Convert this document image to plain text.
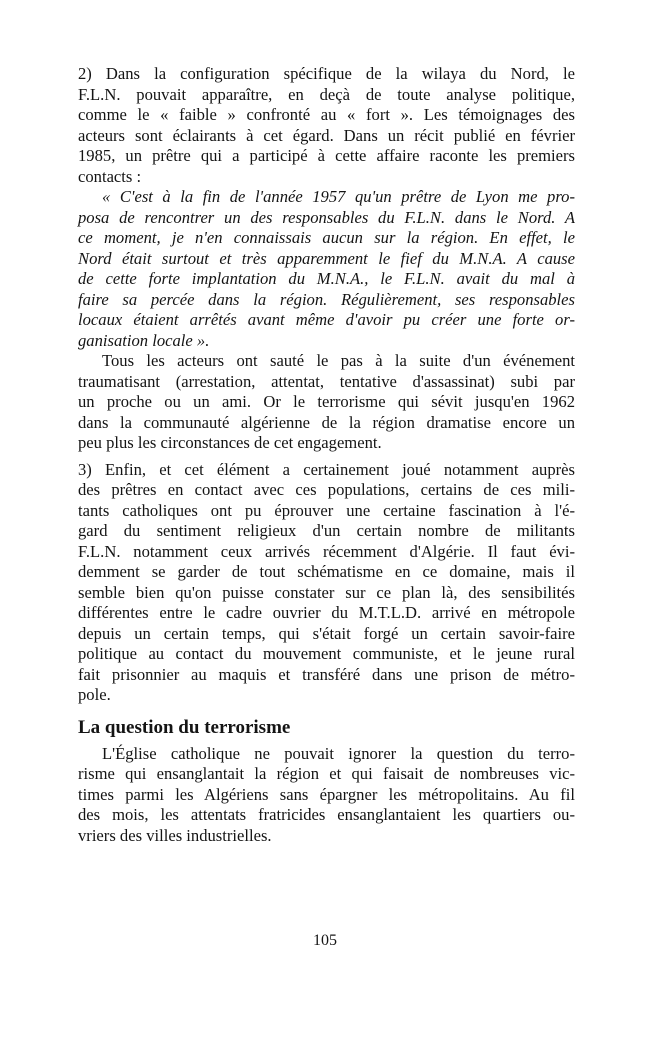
2) Dans la configuration spécifique de la wilaya du Nord, le
F.L.N. pouvait apparaître, en deçà de toute analyse politique,
comme le « faible » confronté au « fort ». Les témoignages des
acteurs sont éclairants à cet égard. Dans un récit publié en février
1985, un prêtre qui a participé à cette affaire raconte les premiers
contacts :
« C'est à la fin de l'année 1957 qu'un prêtre de Lyon me pro-
posa de rencontrer un des responsables du F.L.N. dans le Nord. A
ce moment, je n'en connaissais aucun sur la région. En effet, le
Nord était surtout et très apparemment le fief du M.N.A. A cause
de cette forte implantation du M.N.A., le F.L.N. avait du mal à
faire sa percée dans la région. Régulièrement, ses responsables
locaux étaient arrêtés avant même d'avoir pu créer une forte or-
ganisation locale ».
Tous les acteurs ont sauté le pas à la suite d'un événement
traumatisant (arrestation, attentat, tentative d'assassinat) subi par
un proche ou un ami. Or le terrorisme qui sévit jusqu'en 1962
dans la communauté algérienne de la région dramatise encore un
peu plus les circonstances de cet engagement.
3) Enfin, et cet élément a certainement joué notamment auprès
des prêtres en contact avec ces populations, certains de ces mili-
tants catholiques ont pu éprouver une certaine fascination à l'é-
gard du sentiment religieux d'un certain nombre de militants
F.L.N. notamment ceux arrivés récemment d'Algérie. Il faut évi-
demment se garder de tout schématisme en ce domaine, mais il
semble bien qu'on puisse constater sur ce plan là, des sensibilités
différentes entre le cadre ouvrier du M.T.L.D. arrivé en métropole
depuis un certain temps, qui s'était forgé un certain savoir-faire
politique au contact du mouvement communiste, et le jeune rural
fait prisonnier au maquis et transféré dans une prison de métro-
pole.
La question du terrorisme
L'Église catholique ne pouvait ignorer la question du terro-
risme qui ensanglantait la région et qui faisait de nombreuses vic-
times parmi les Algériens sans épargner les métropolitains. Au fil
des mois, les attentats fratricides ensanglantaient les quartiers ou-
vriers des villes industrielles.
105
